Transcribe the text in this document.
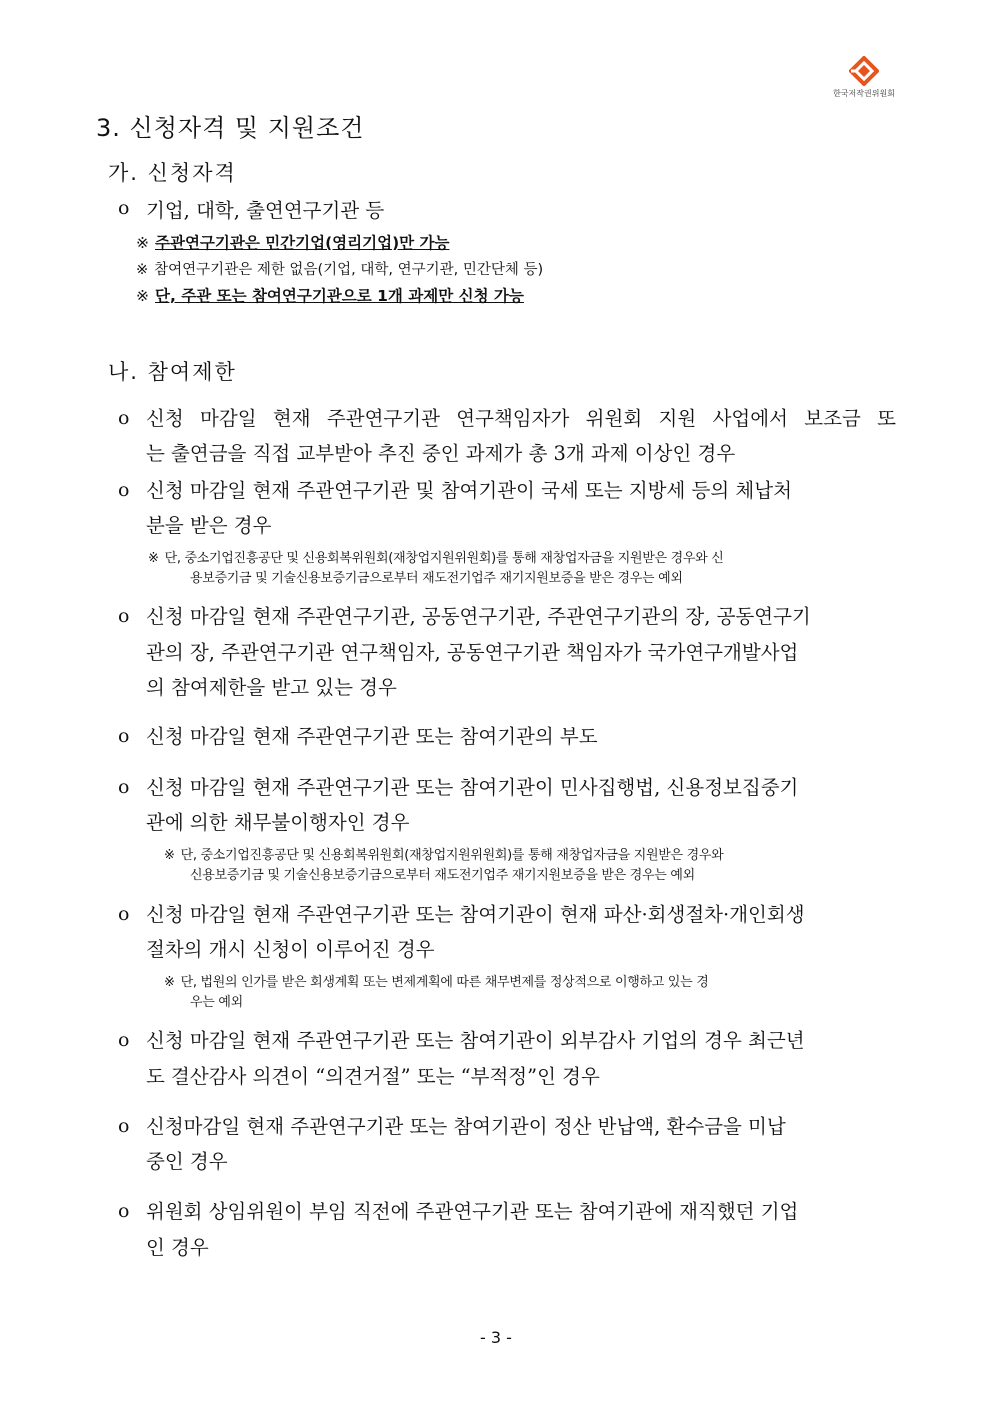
한국저작권위원회
3. 신청자격 및 지원조건
가. 신청자격
ο 기업, 대학, 출연연구기관 등
※ 주관연구기관은 민간기업(영리기업)만 가능
※ 참여연구기관은 제한 없음(기업, 대학, 연구기관, 민간단체 등)
※ 단, 주관 또는 참여연구기관으로 1개 과제만 신청 가능
나. 참여제한
ο 신청 마감일 현재 주관연구기관 연구책임자가 위원회 지원 사업에서 보조금 또
는 출연금을 직접 교부받아 추진 중인 과제가 총 3개 과제 이상인 경우
ο 신청 마감일 현재 주관연구기관 및 참여기관이 국세 또는 지방세 등의 체납처
분을 받은 경우
※ 단, 중소기업진흥공단 및 신용회복위원회(재창업지원위원회)를 통해 재창업자금을 지원받은 경우와 신
용보증기금 및 기술신용보증기금으로부터 재도전기업주 재기지원보증을 받은 경우는 예외
ο 신청 마감일 현재 주관연구기관, 공동연구기관, 주관연구기관의 장, 공동연구기
관의 장, 주관연구기관 연구책임자, 공동연구기관 책임자가 국가연구개발사업
의 참여제한을 받고 있는 경우
ο 신청 마감일 현재 주관연구기관 또는 참여기관의 부도
ο 신청 마감일 현재 주관연구기관 또는 참여기관이 민사집행법, 신용정보집중기
관에 의한 채무불이행자인 경우
※ 단, 중소기업진흥공단 및 신용회복위원회(재창업지원위원회)를 통해 재창업자금을 지원받은 경우와
신용보증기금 및 기술신용보증기금으로부터 재도전기업주 재기지원보증을 받은 경우는 예외
ο 신청 마감일 현재 주관연구기관 또는 참여기관이 현재 파산·회생절차·개인회생
절차의 개시 신청이 이루어진 경우
※ 단, 법원의 인가를 받은 회생계획 또는 변제계획에 따른 채무변제를 정상적으로 이행하고 있는 경
우는 예외
ο 신청 마감일 현재 주관연구기관 또는 참여기관이 외부감사 기업의 경우 최근년
도 결산감사 의견이 “의견거절” 또는 “부적정”인 경우
ο 신청마감일 현재 주관연구기관 또는 참여기관이 정산 반납액, 환수금을 미납
중인 경우
ο 위원회 상임위원이 부임 직전에 주관연구기관 또는 참여기관에 재직했던 기업
인 경우
- 3 -
